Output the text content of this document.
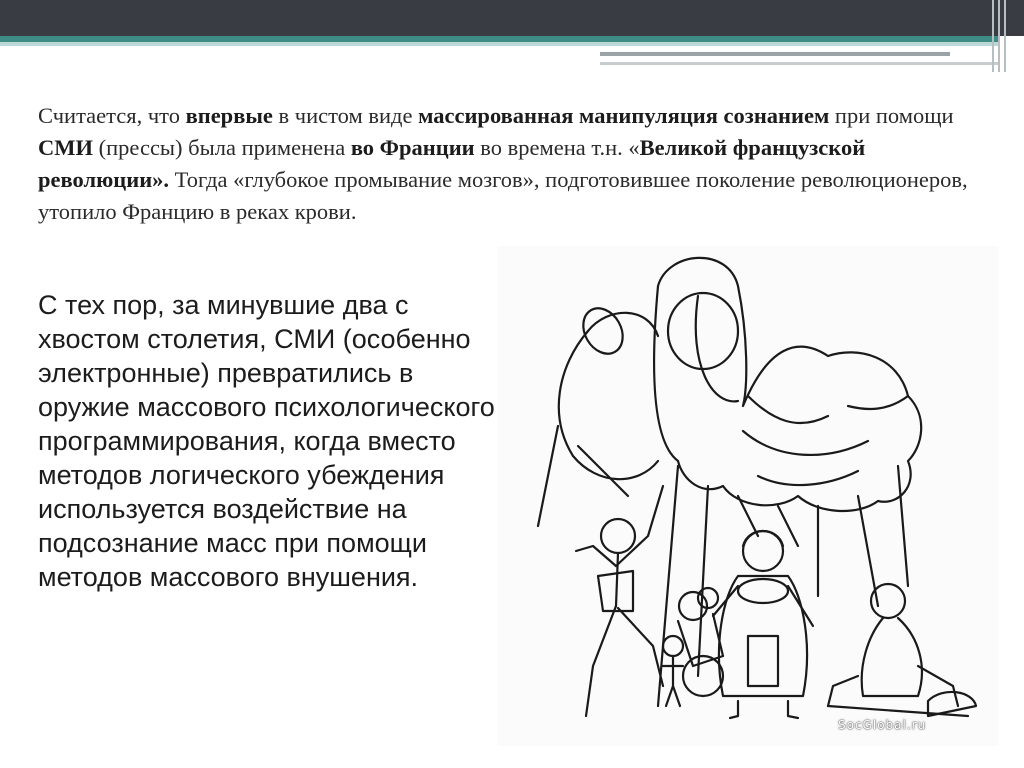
Считается, что впервые в чистом виде массированная манипуляция сознанием при помощи СМИ (прессы) была применена во Франции во времена т.н. «Великой французской революции». Тогда «глубокое промывание мозгов», подготовившее поколение революционеров, утопило Францию в реках крови.
SocGlobal.ru
С тех пор, за минувшие два с хвостом столетия, СМИ (особенно электронные) превратились в оружие массового психологического программирования, когда вместо методов логического убеждения используется воздействие на подсознание масс при помощи методов массового внушения.
